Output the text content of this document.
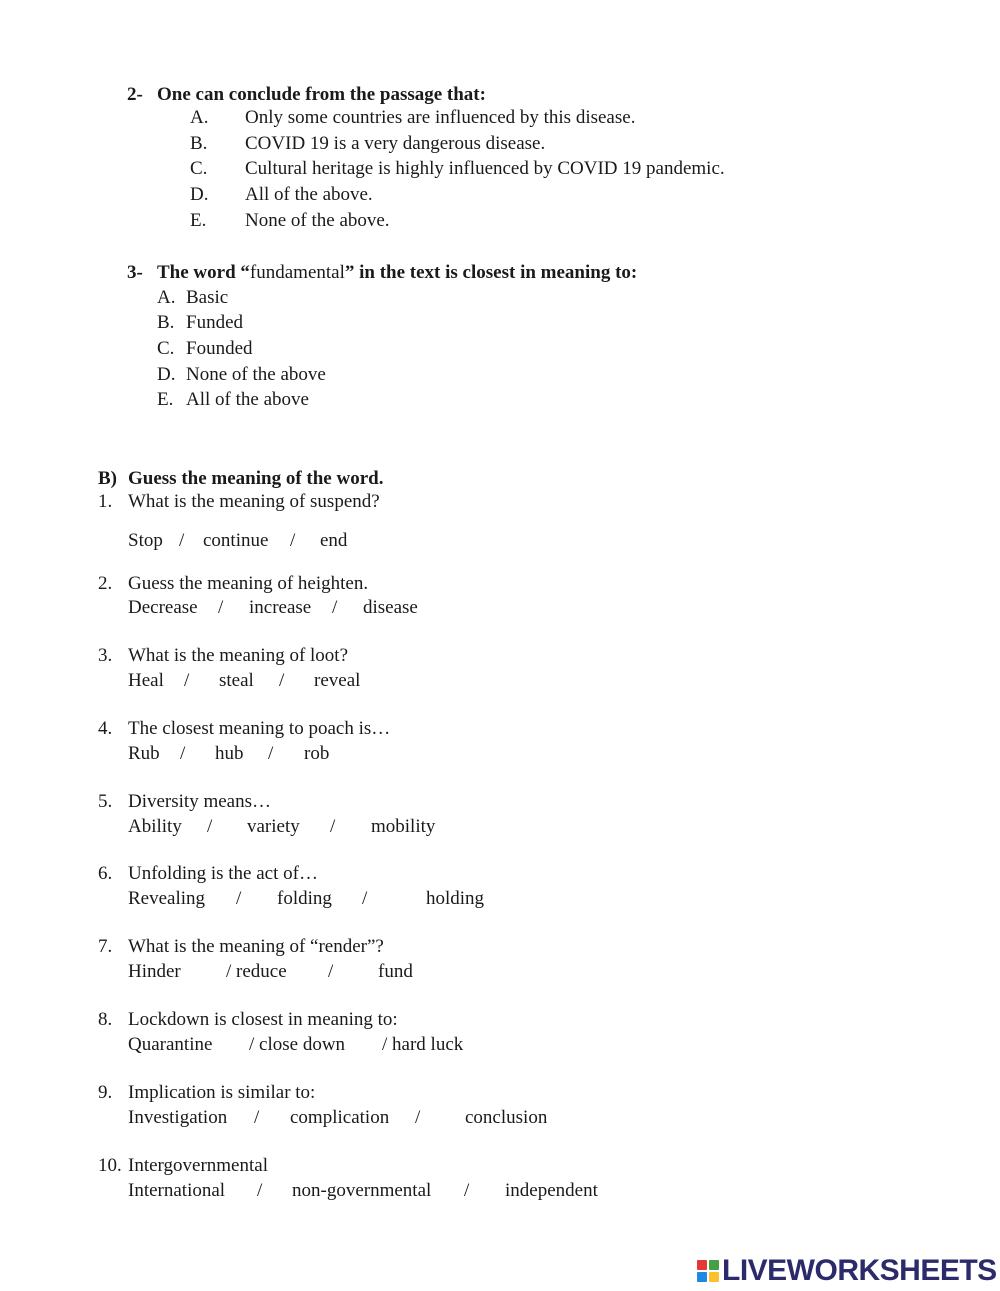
2- One can conclude from the passage that:
A. Only some countries are influenced by this disease.
B. COVID 19 is a very dangerous disease.
C. Cultural heritage is highly influenced by COVID 19 pandemic.
D. All of the above.
E. None of the above.
3- The word “fundamental” in the text is closest in meaning to:
A. Basic
B. Funded
C. Founded
D. None of the above
E. All of the above
B) Guess the meaning of the word.
1. What is the meaning of suspend?
Stop / continue / end
2. Guess the meaning of heighten.
Decrease / increase / disease
3. What is the meaning of loot?
Heal / steal / reveal
4. The closest meaning to poach is…
Rub / hub / rob
5. Diversity means…
Ability / variety / mobility
6. Unfolding is the act of…
Revealing / folding /	holding
7. What is the meaning of “render”?
Hinder / reduce / fund
8. Lockdown is closest in meaning to:
Quarantine / close down / hard luck
9. Implication is similar to:
Investigation / complication / conclusion
10. Intergovernmental
International / non-governmental / independent
LIVEWORKSHEETS
